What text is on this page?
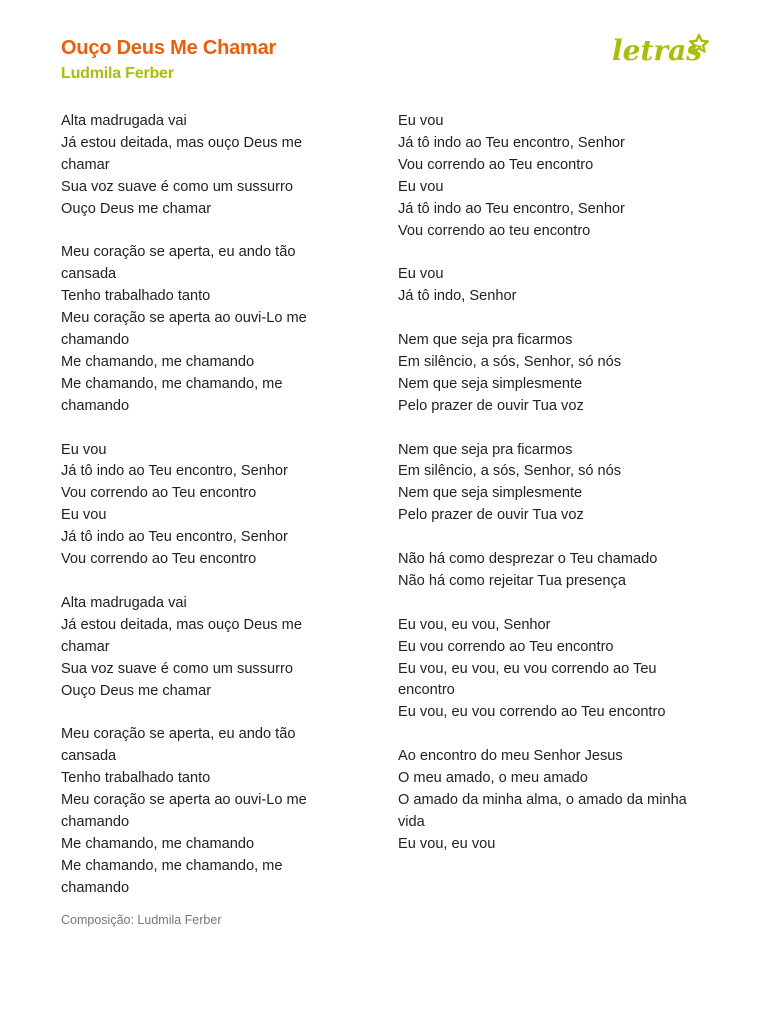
Ouço Deus Me Chamar
Ludmila Ferber
letras
Alta madrugada vai
Já estou deitada, mas ouço Deus me
chamar
Sua voz suave é como um sussurro
Ouço Deus me chamar
Meu coração se aperta, eu ando tão
cansada
Tenho trabalhado tanto
Meu coração se aperta ao ouvi-Lo me
chamando
Me chamando, me chamando
Me chamando, me chamando, me
chamando
Eu vou
Já tô indo ao Teu encontro, Senhor
Vou correndo ao Teu encontro
Eu vou
Já tô indo ao Teu encontro, Senhor
Vou correndo ao Teu encontro
Alta madrugada vai
Já estou deitada, mas ouço Deus me
chamar
Sua voz suave é como um sussurro
Ouço Deus me chamar
Meu coração se aperta, eu ando tão
cansada
Tenho trabalhado tanto
Meu coração se aperta ao ouvi-Lo me
chamando
Me chamando, me chamando
Me chamando, me chamando, me
chamando
Eu vou
Já tô indo ao Teu encontro, Senhor
Vou correndo ao Teu encontro
Eu vou
Já tô indo ao Teu encontro, Senhor
Vou correndo ao teu encontro
Eu vou
Já tô indo, Senhor
Nem que seja pra ficarmos
Em silêncio, a sós, Senhor, só nós
Nem que seja simplesmente
Pelo prazer de ouvir Tua voz
Nem que seja pra ficarmos
Em silêncio, a sós, Senhor, só nós
Nem que seja simplesmente
Pelo prazer de ouvir Tua voz
Não há como desprezar o Teu chamado
Não há como rejeitar Tua presença
Eu vou, eu vou, Senhor
Eu vou correndo ao Teu encontro
Eu vou, eu vou, eu vou correndo ao Teu
encontro
Eu vou, eu vou correndo ao Teu encontro
Ao encontro do meu Senhor Jesus
O meu amado, o meu amado
O amado da minha alma, o amado da minha
vida
Eu vou, eu vou
Composição: Ludmila Ferber
